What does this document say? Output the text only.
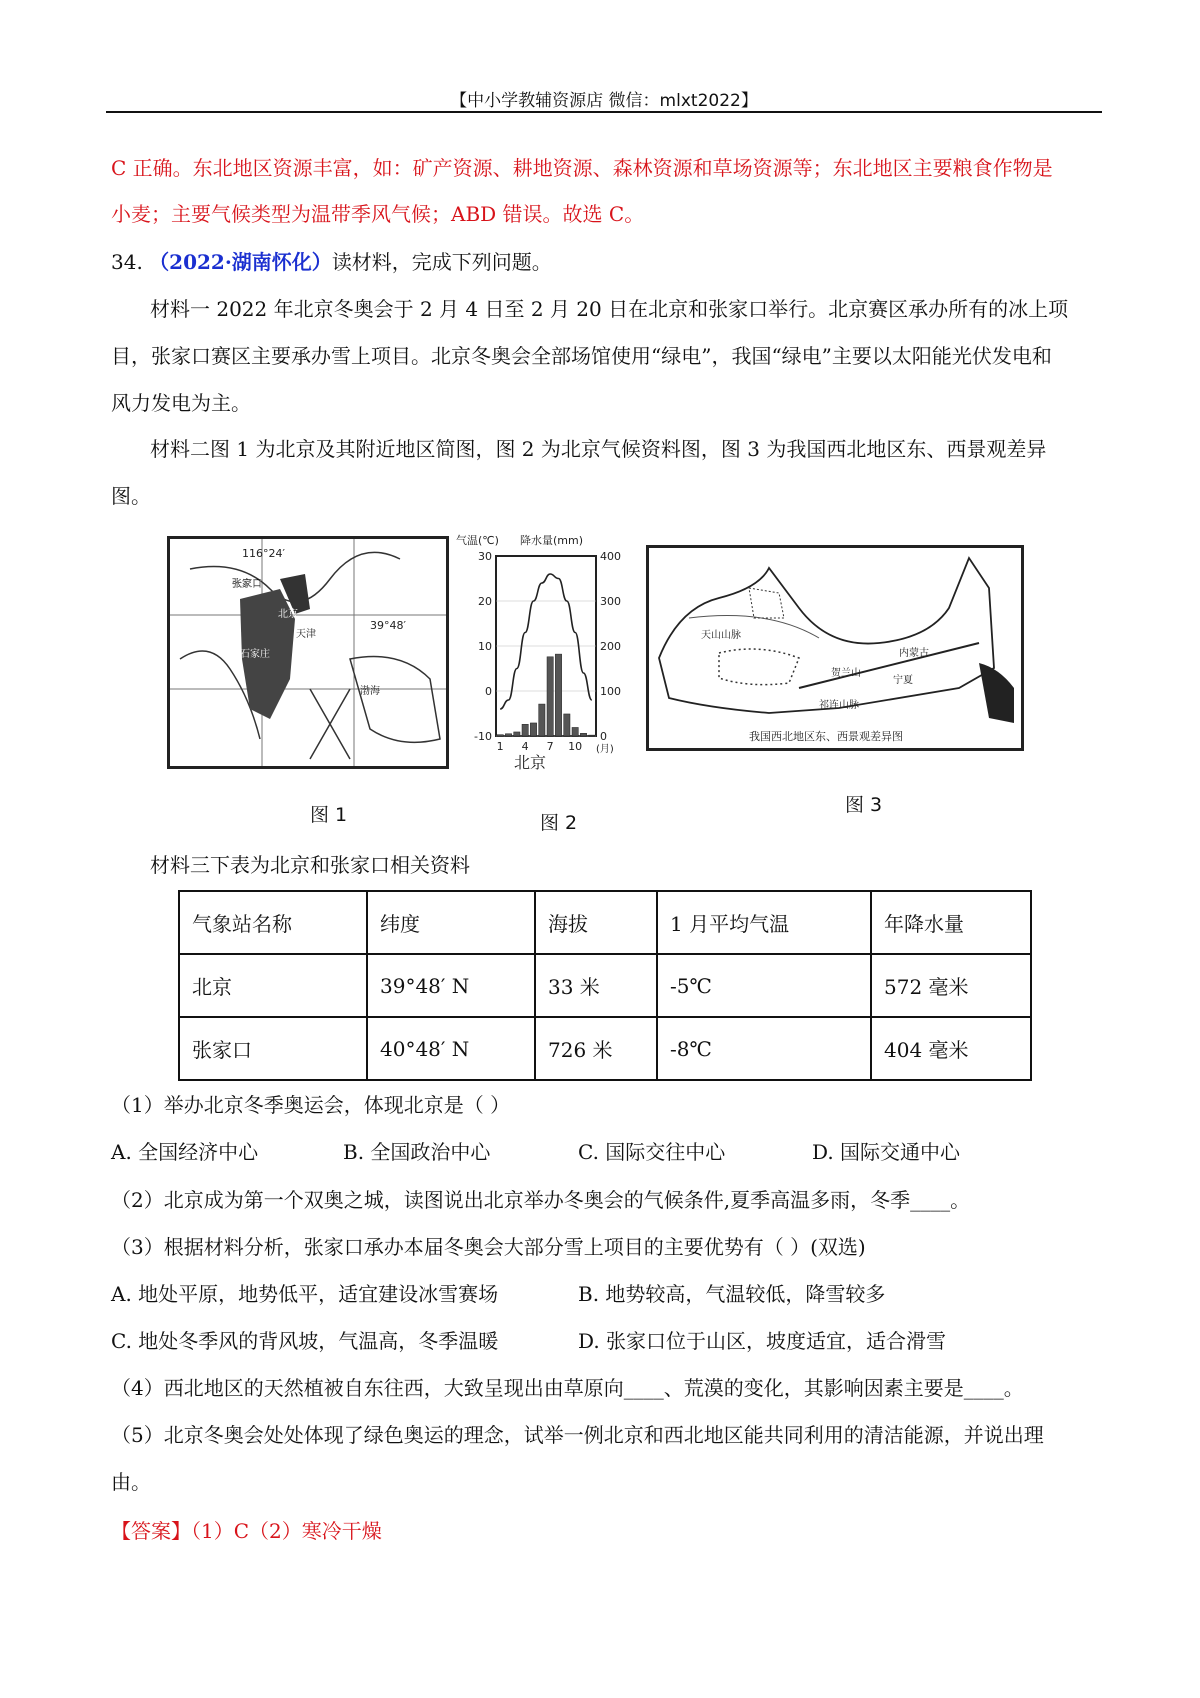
【中小学教辅资源店 微信：mlxt2022】
C 正确。东北地区资源丰富，如：矿产资源、耕地资源、森林资源和草场资源等；东北地区主要粮食作物是
小麦；主要气候类型为温带季风气候；ABD 错误。故选 C。
34. （2022·湖南怀化）读材料，完成下列问题。
材料一 2022 年北京冬奥会于 2 月 4 日至 2 月 20 日在北京和张家口举行。北京赛区承办所有的冰上项
目，张家口赛区主要承办雪上项目。北京冬奥会全部场馆使用“绿电”，我国“绿电”主要以太阳能光伏发电和
风力发电为主。
材料二图 1 为北京及其附近地区简图，图 2 为北京气候资料图，图 3 为我国西北地区东、西景观差异
图。
116°24′
39°48′
张家口
北京
天津
石家庄
渤海
图 1
气温(℃) 降水量(mm)
30
20
10
0
-10
400
300
200
100
0
1 4 7 10 (月)
北京
图 2
天山山脉
贺兰山
祁连山脉
内蒙古
宁夏
我国西北地区东、西景观差异图
图 3
材料三下表为北京和张家口相关资料
气象站名称	纬度	海拔	1 月平均气温	年降水量
北京	39°48′ N	33 米	-5℃	572 毫米
张家口	40°48′ N	726 米	-8℃	404 毫米
（1）举办北京冬季奥运会，体现北京是（ ）
A. 全国经济中心	B. 全国政治中心	C. 国际交往中心	D. 国际交通中心
（2）北京成为第一个双奥之城，读图说出北京举办冬奥会的气候条件,夏季高温多雨，冬季____。
（3）根据材料分析，张家口承办本届冬奥会大部分雪上项目的主要优势有（ ）(双选)
A. 地处平原，地势低平，适宜建设冰雪赛场	B. 地势较高，气温较低，降雪较多
C. 地处冬季风的背风坡，气温高，冬季温暖	D. 张家口位于山区，坡度适宜，适合滑雪
（4）西北地区的天然植被自东往西，大致呈现出由草原向____、荒漠的变化，其影响因素主要是____。
（5）北京冬奥会处处体现了绿色奥运的理念，试举一例北京和西北地区能共同利用的清洁能源，并说出理
由。
【答案】（1）C（2）寒冷干燥
